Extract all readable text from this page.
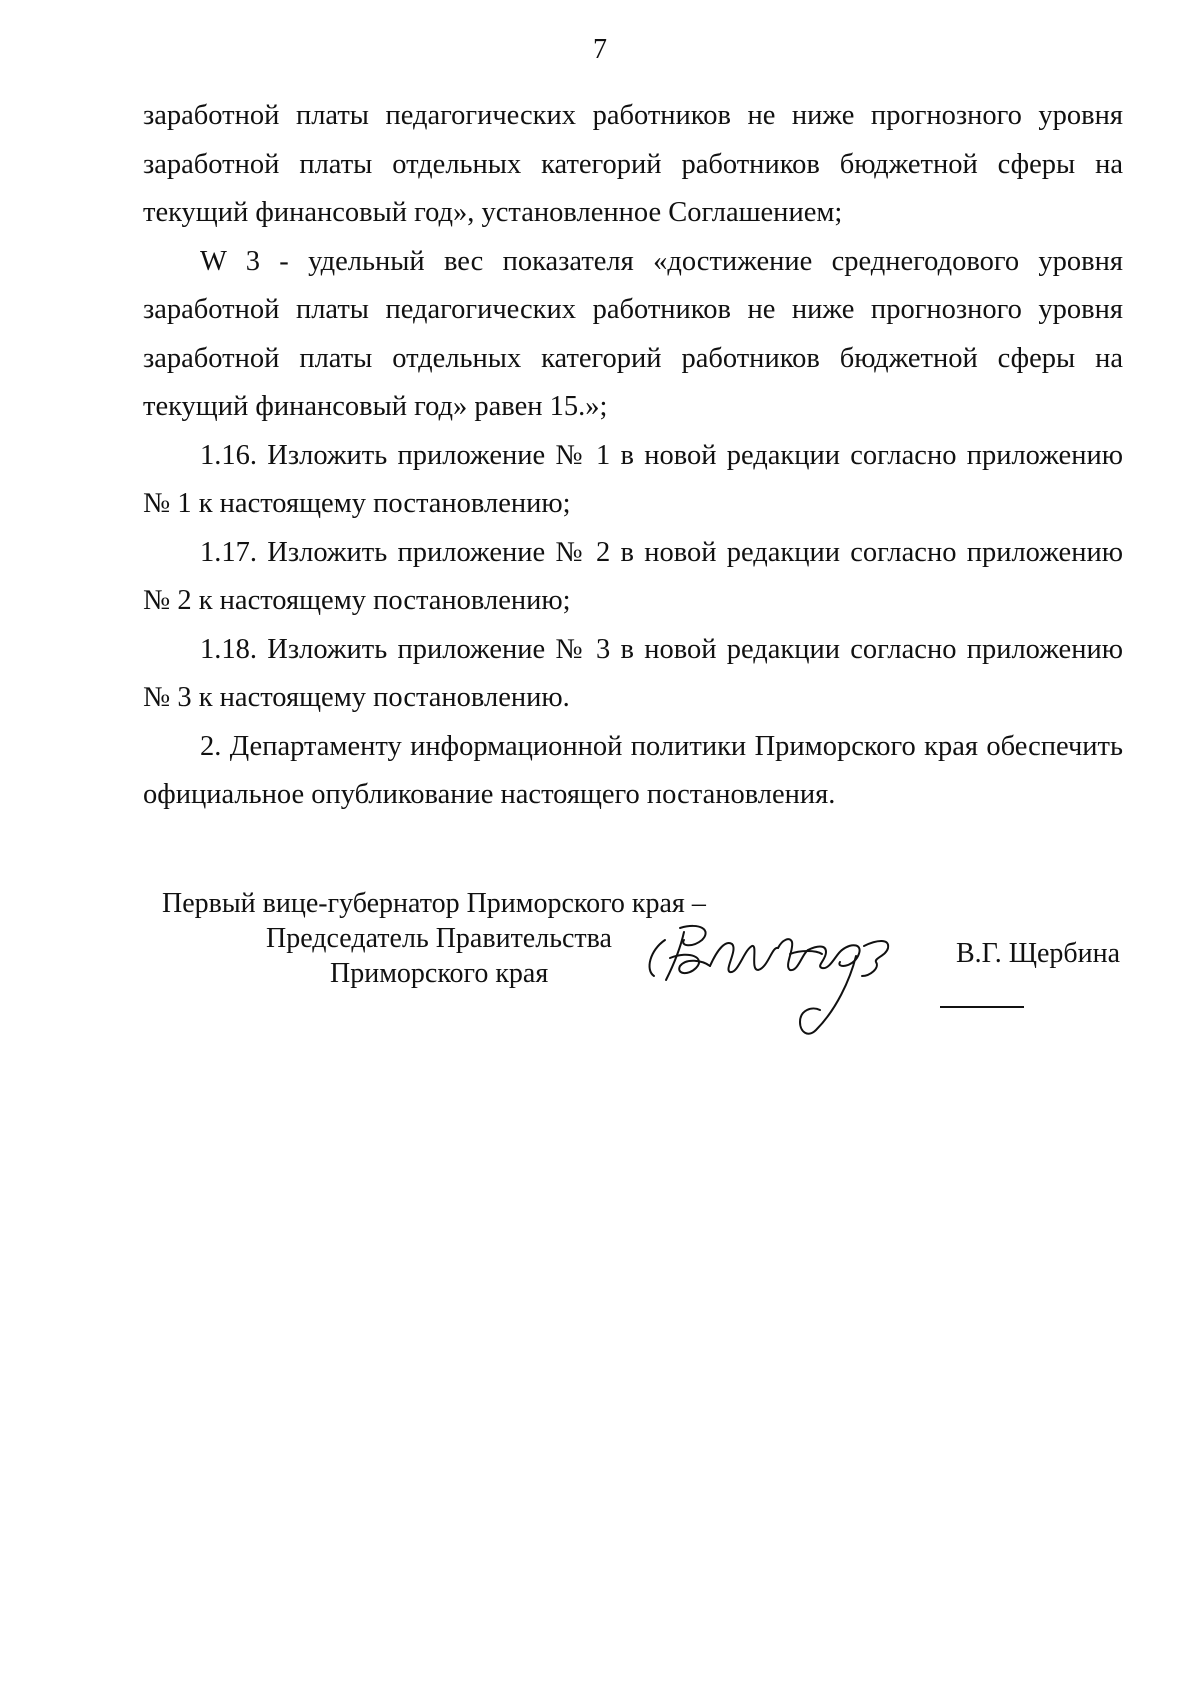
7

заработной платы педагогических работников не ниже прогнозного уровня заработной платы отдельных категорий работников бюджетной сферы на текущий финансовый год», установленное Соглашением;

W 3 - удельный вес показателя «достижение среднегодового уровня заработной платы педагогических работников не ниже прогнозного уровня заработной платы отдельных категорий работников бюджетной сферы на текущий финансовый год» равен 15.»;

1.16. Изложить приложение № 1 в новой редакции согласно приложению № 1 к настоящему постановлению;

1.17. Изложить приложение № 2 в новой редакции согласно приложению № 2 к настоящему постановлению;

1.18. Изложить приложение № 3 в новой редакции согласно приложению № 3 к настоящему постановлению.

2. Департаменту информационной политики Приморского края обеспечить официальное опубликование настоящего постановления.

Первый вице-губернатор Приморского края –
Председатель Правительства
Приморского края
В.Г. Щербина
